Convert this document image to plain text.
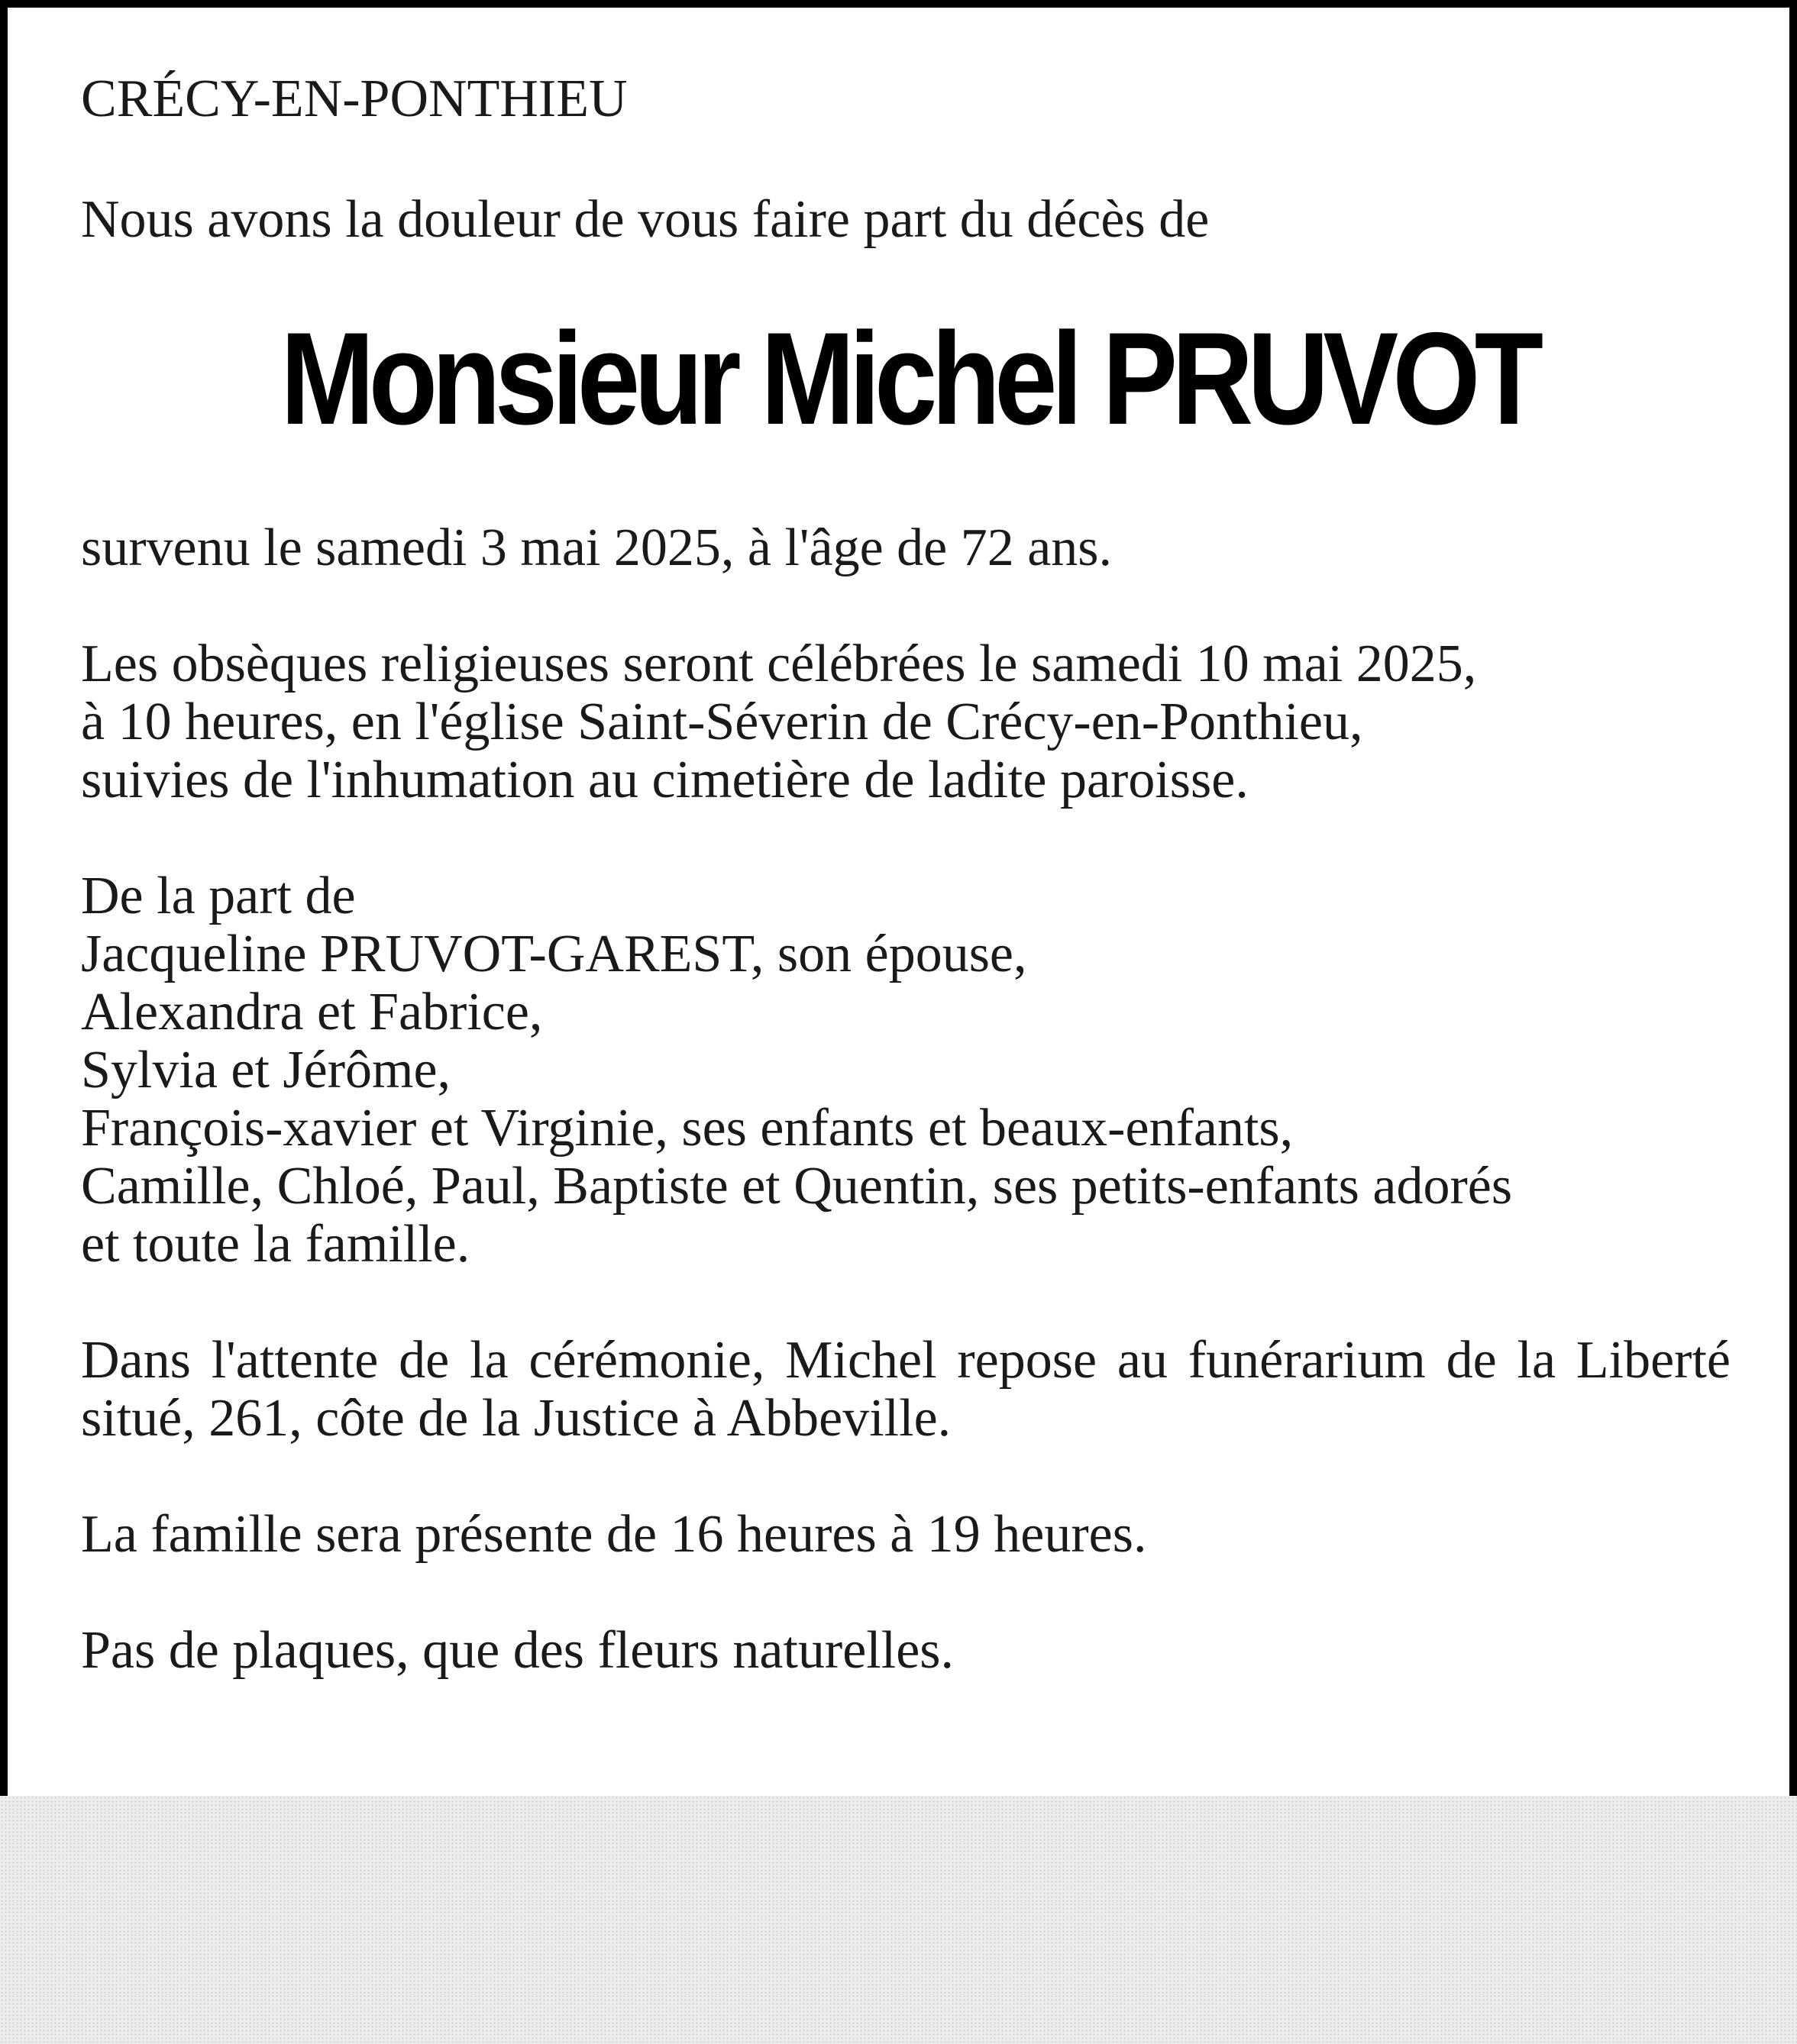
CRÉCY-EN-PONTHIEU
Nous avons la douleur de vous faire part du décès de
Monsieur Michel PRUVOT
survenu le samedi 3 mai 2025, à l'âge de 72 ans.
Les obsèques religieuses seront célébrées le samedi 10 mai 2025,
à 10 heures, en l'église Saint-Séverin de Crécy-en-Ponthieu,
suivies de l'inhumation au cimetière de ladite paroisse.
De la part de
Jacqueline PRUVOT-GAREST, son épouse,
Alexandra et Fabrice,
Sylvia et Jérôme,
François-xavier et Virginie, ses enfants et beaux-enfants,
Camille, Chloé, Paul, Baptiste et Quentin, ses petits-enfants adorés
et toute la famille.

Dans l'attente de la cérémonie, Michel repose au funérarium de la Liberté situé, 261, côte de la Justice à Abbeville.

La famille sera présente de 16 heures à 19 heures.
Pas de plaques, que des fleurs naturelles.
